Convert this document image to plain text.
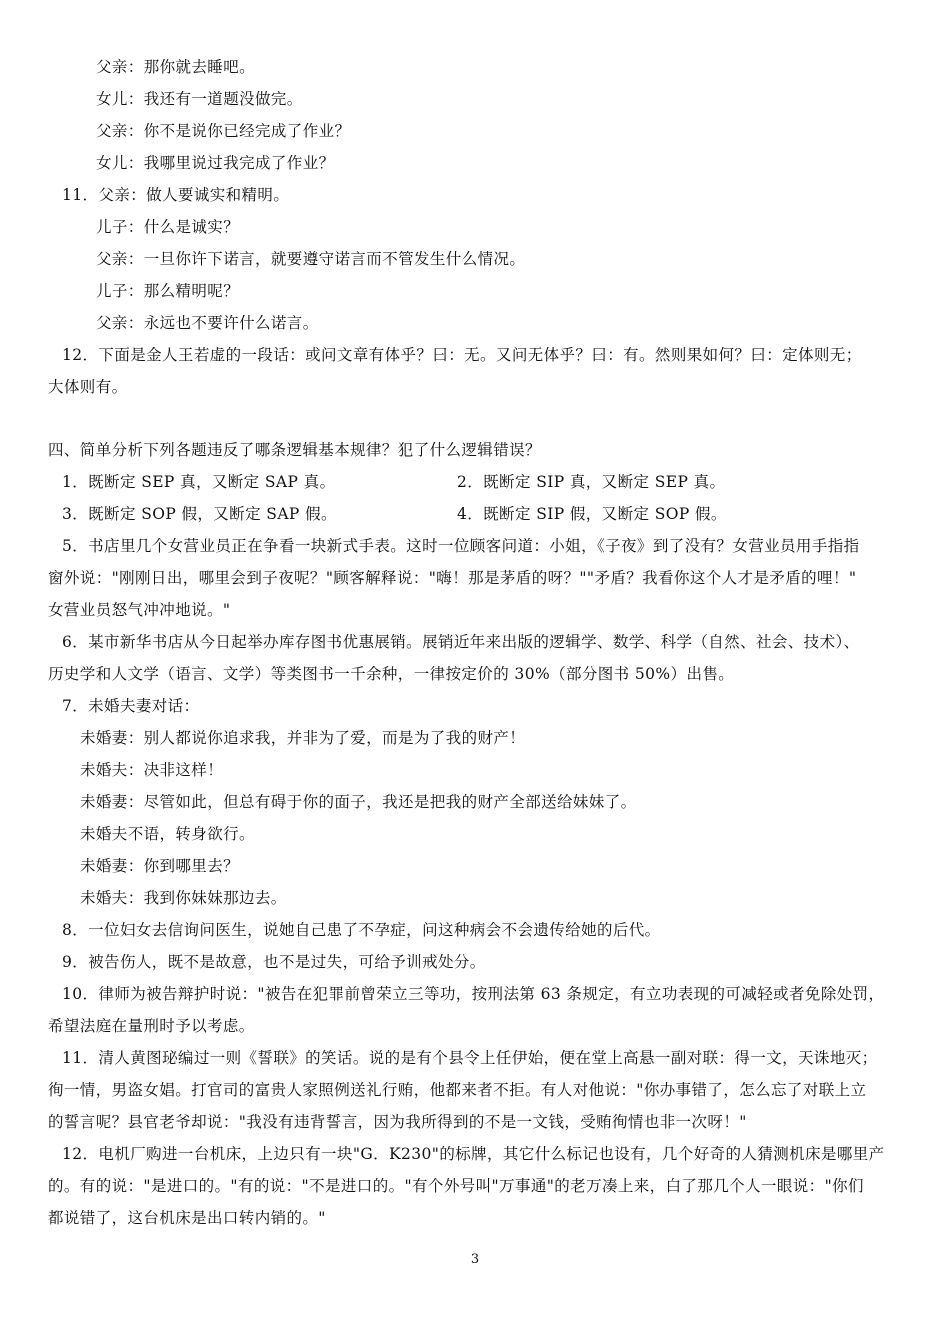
父亲：那你就去睡吧。
女儿：我还有一道题没做完。
父亲：你不是说你已经完成了作业？
女儿：我哪里说过我完成了作业？
11．父亲：做人要诚实和精明。
儿子：什么是诚实？
父亲：一旦你许下诺言，就要遵守诺言而不管发生什么情况。
儿子：那么精明呢？
父亲：永远也不要许什么诺言。
12．下面是金人王若虚的一段话：或问文章有体乎？曰：无。又问无体乎？曰：有。然则果如何？曰：定体则无；
大体则有。
四、简单分析下列各题违反了哪条逻辑基本规律？犯了什么逻辑错误？
1．既断定 SEP 真，又断定 SAP 真。	2．既断定 SIP 真，又断定 SEP 真。
3．既断定 SOP 假，又断定 SAP 假。	4．既断定 SIP 假，又断定 SOP 假。
5．书店里几个女营业员正在争看一块新式手表。这时一位顾客问道：小姐，《子夜》到了没有？女营业员用手指指
窗外说："刚刚日出，哪里会到子夜呢？"顾客解释说："嗨！那是茅盾的呀？""矛盾？我看你这个人才是矛盾的哩！"
女营业员怒气冲冲地说。"
6．某市新华书店从今日起举办库存图书优惠展销。展销近年来出版的逻辑学、数学、科学（自然、社会、技术）、
历史学和人文学（语言、文学）等类图书一千余种，一律按定价的 30%（部分图书 50%）出售。
7．未婚夫妻对话：
未婚妻：别人都说你追求我，并非为了爱，而是为了我的财产！
未婚夫：决非这样！
未婚妻：尽管如此，但总有碍于你的面子，我还是把我的财产全部送给妹妹了。
未婚夫不语，转身欲行。
未婚妻：你到哪里去？
未婚夫：我到你妹妹那边去。
8．一位妇女去信询问医生，说她自己患了不孕症，问这种病会不会遗传给她的后代。
9．被告伤人，既不是故意，也不是过失，可给予训戒处分。
10．律师为被告辩护时说："被告在犯罪前曾荣立三等功，按刑法第 63 条规定，有立功表现的可减轻或者免除处罚，
希望法庭在量刑时予以考虑。
11．清人黄图珌编过一则《誓联》的笑话。说的是有个县令上任伊始，便在堂上高悬一副对联：得一文，天诛地灭；
徇一情，男盗女娼。打官司的富贵人家照例送礼行贿，他都来者不拒。有人对他说："你办事错了，怎么忘了对联上立
的誓言呢？县官老爷却说："我没有违背誓言，因为我所得到的不是一文钱，受贿徇情也非一次呀！"
12．电机厂购进一台机床，上边只有一块"G．K230"的标牌，其它什么标记也设有，几个好奇的人猜测机床是哪里产
的。有的说："是进口的。"有的说："不是进口的。"有个外号叫"万事通"的老万凑上来，白了那几个人一眼说："你们
都说错了，这台机床是出口转内销的。"
3
